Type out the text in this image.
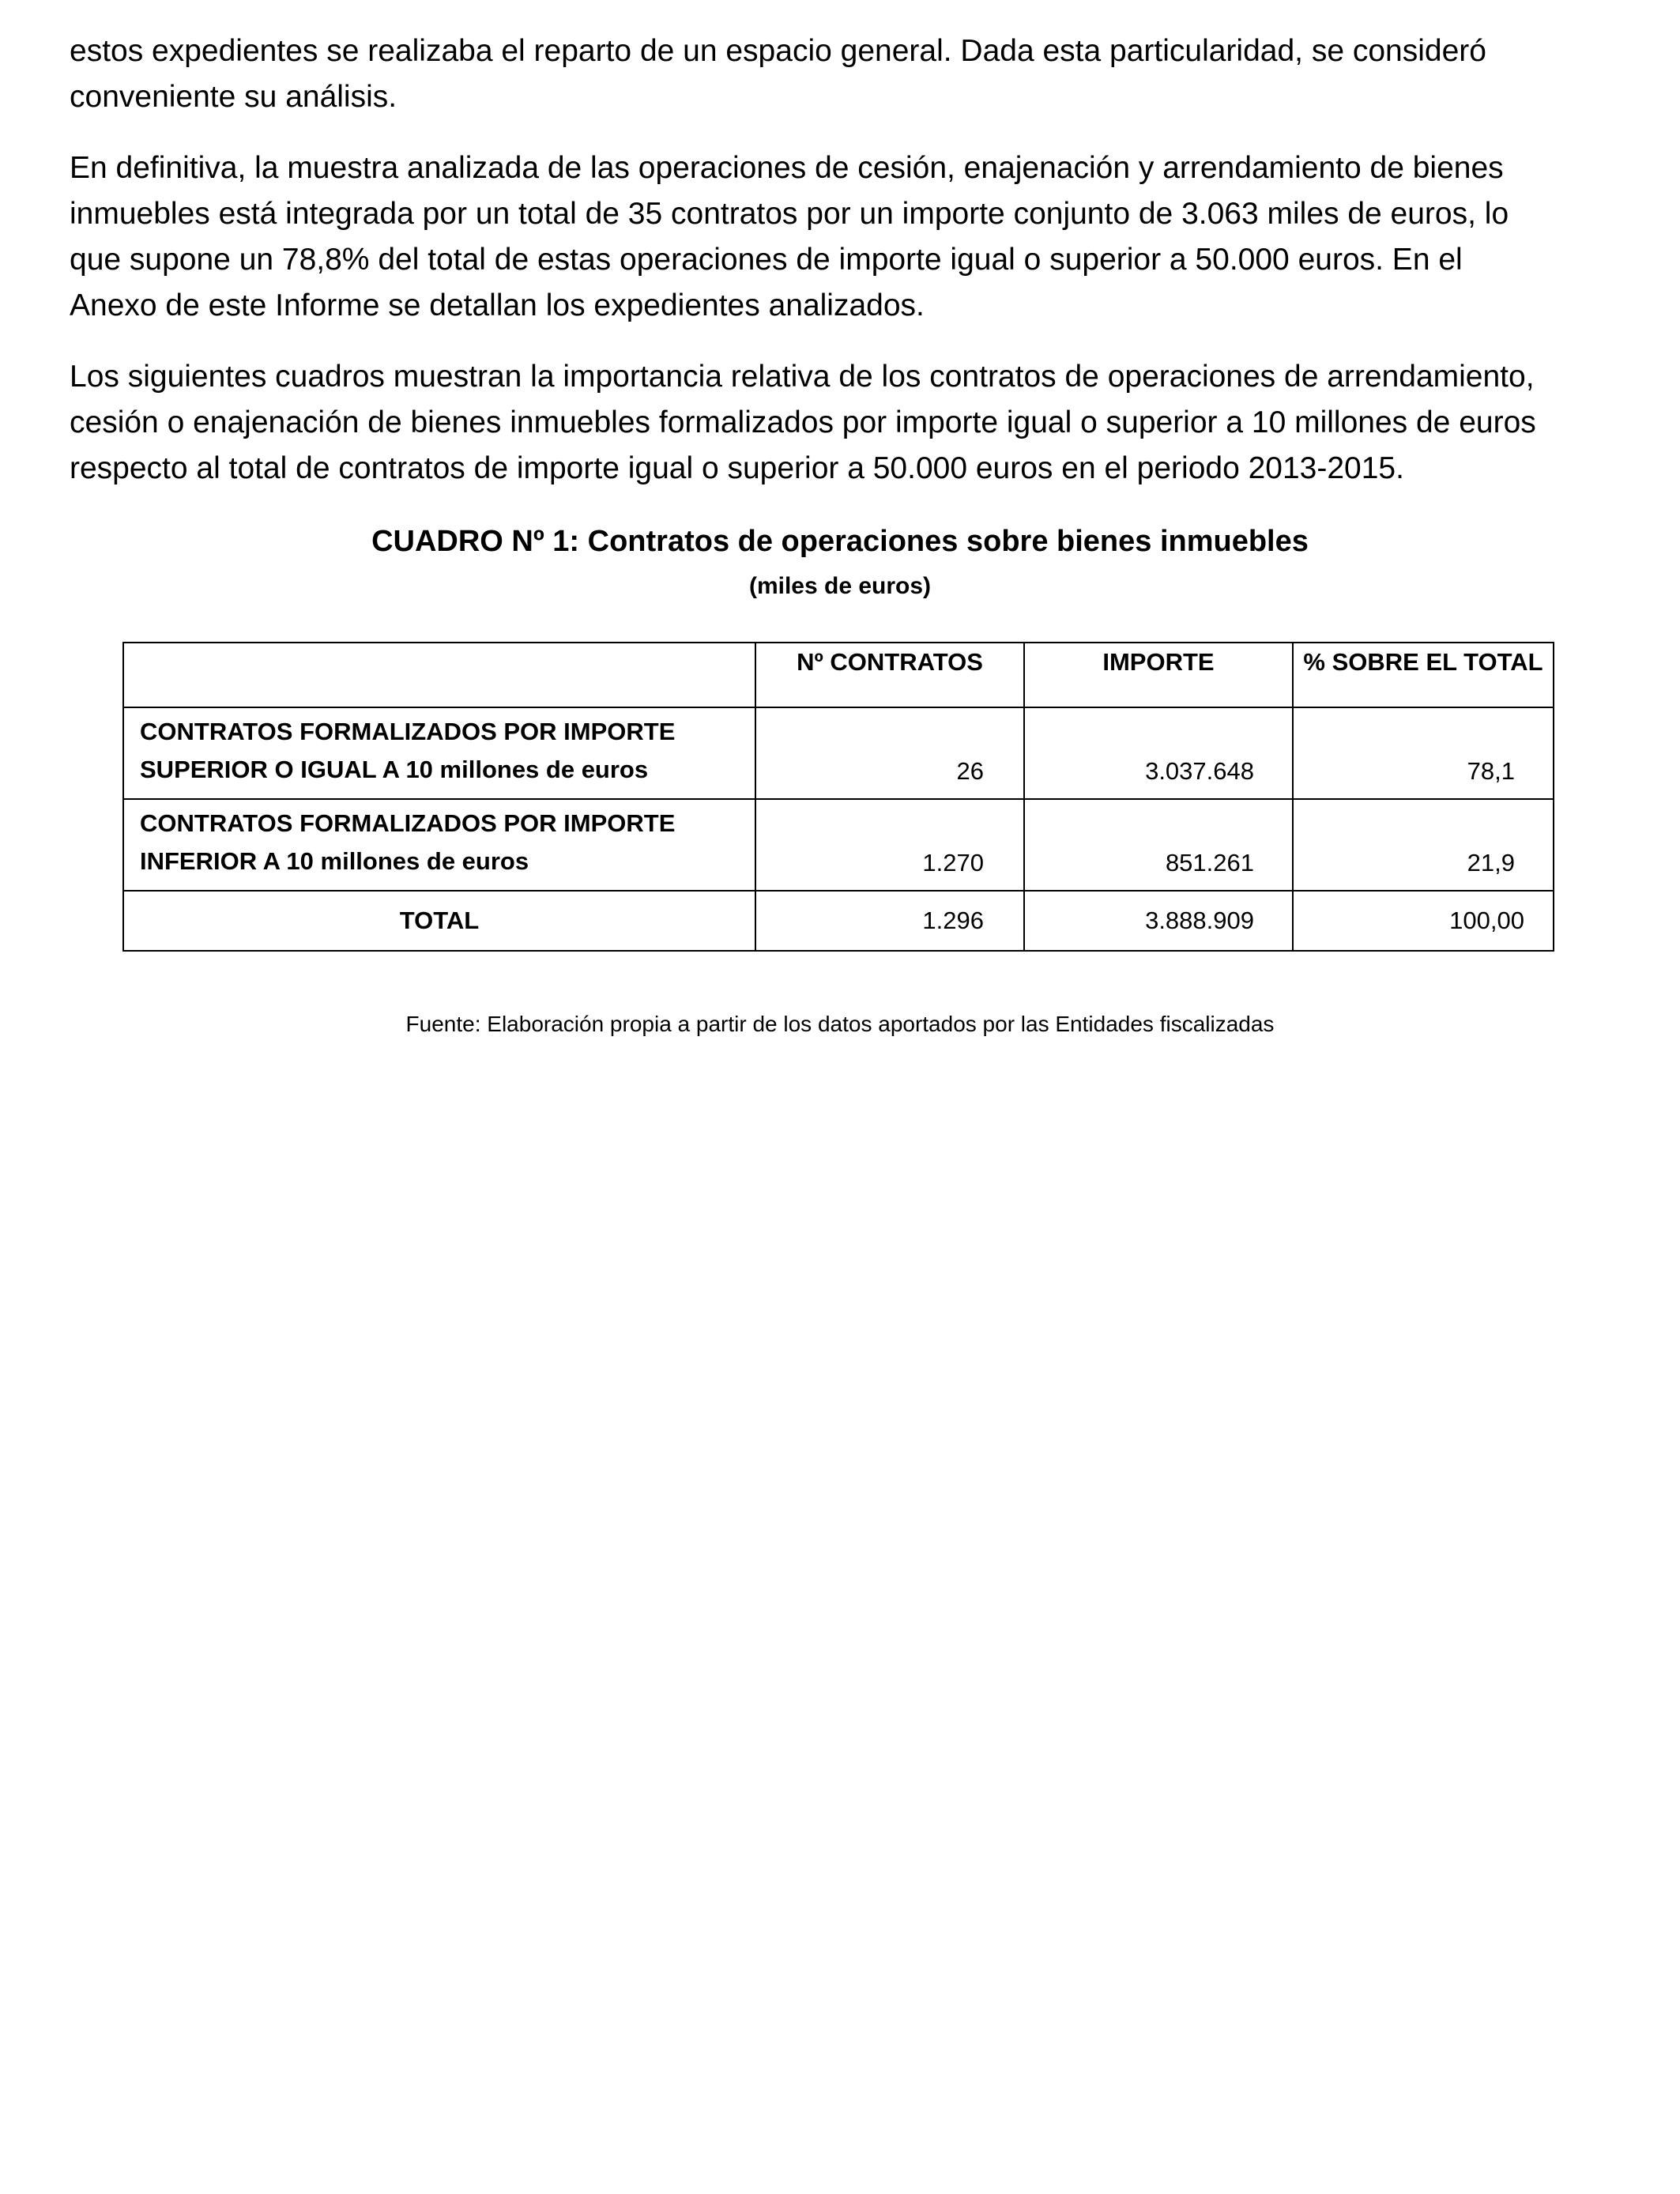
estos expedientes se realizaba el reparto de un espacio general. Dada esta particularidad, se consideró
conveniente su análisis.

En definitiva, la muestra analizada de las operaciones de cesión, enajenación y arrendamiento de bienes
inmuebles está integrada por un total de 35 contratos por un importe conjunto de 3.063 miles de euros, lo
que supone un 78,8% del total de estas operaciones de importe igual o superior a 50.000 euros. En el
Anexo de este Informe se detallan los expedientes analizados.

Los siguientes cuadros muestran la importancia relativa de los contratos de operaciones de arrendamiento,
cesión o enajenación de bienes inmuebles formalizados por importe igual o superior a 10 millones de euros
respecto al total de contratos de importe igual o superior a 50.000 euros en el periodo 2013-2015.

CUADRO Nº 1: Contratos de operaciones sobre bienes inmuebles

(miles de euros)

	Nº CONTRATOS	IMPORTE	% SOBRE EL TOTAL

CONTRATOS FORMALIZADOS POR IMPORTE
SUPERIOR O IGUAL A 10 millones de euros	26	3.037.648	78,1

CONTRATOS FORMALIZADOS POR IMPORTE
INFERIOR A 10 millones de euros	1.270	851.261	21,9
TOTAL	1.296	3.888.909	100,00

Fuente: Elaboración propia a partir de los datos aportados por las Entidades fiscalizadas
